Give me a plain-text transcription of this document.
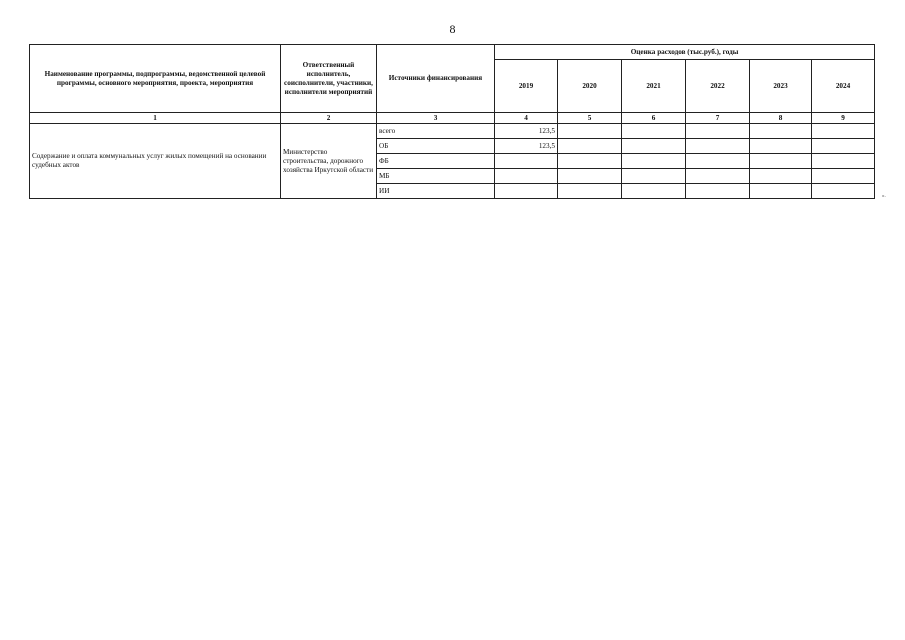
8
Наименование программы, подпрограммы, ведомственной целевой программы, основного мероприятия, проекта, мероприятия	Ответственный исполнитель, соисполнители, участники, исполнители мероприятий	Источники финансирования	Оценка расходов (тыс.руб.), годы					
			2019	2020	2021	2022	2023	2024
1	2	3	4	5	6	7	8	9
Содержание и оплата коммунальных услуг жилых помещений на основании судебных актов	Министерство строительства, дорожного хозяйства Иркутской области	всего	123,5					
		ОБ	123,5					
		ФБ						
		МБ						
		ИИ						
».
